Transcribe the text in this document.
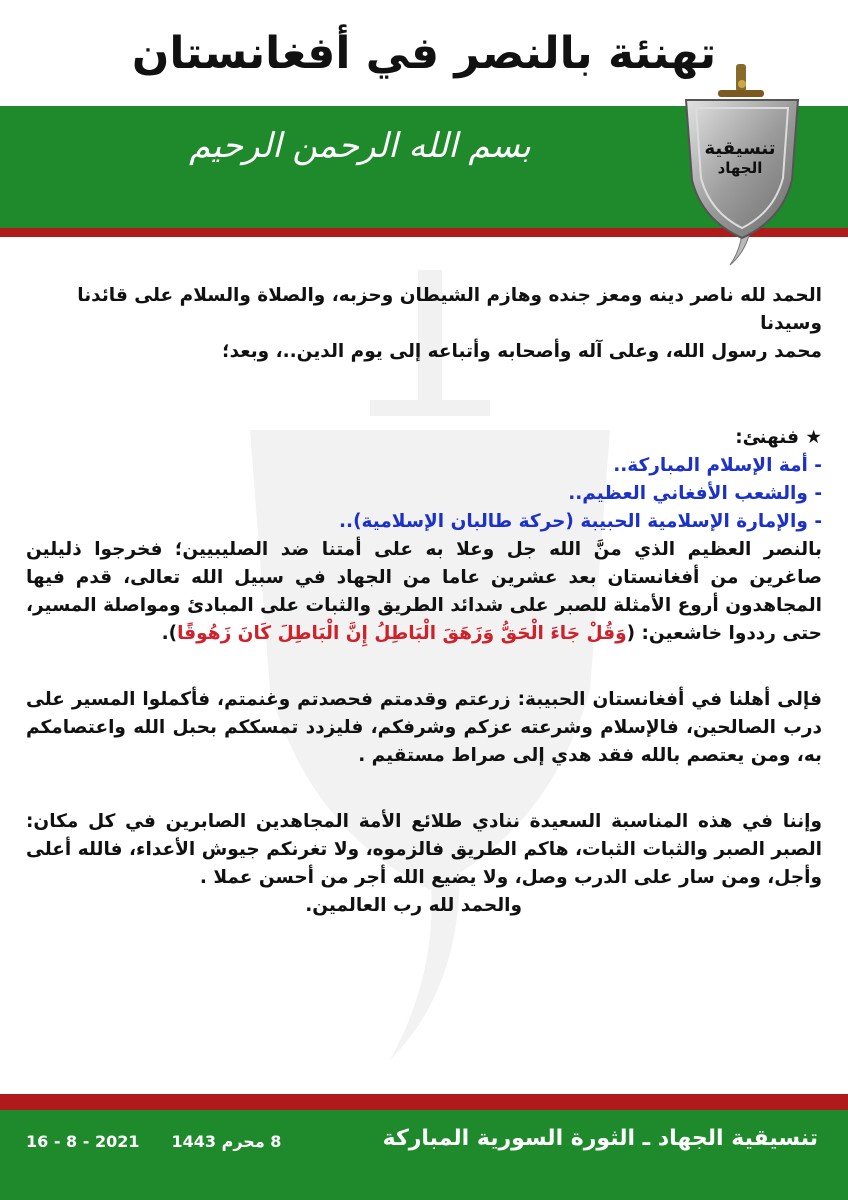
تهنئة بالنصر في أفغانستان
بسم الله الرحمن الرحيم	تنسيقية
الجهاد

الحمد لله ناصر دينه ومعز جنده وهازم الشيطان وحزبه، والصلاة والسلام على قائدنا وسيدنا

محمد رسول الله، وعلى آله وأصحابه وأتباعه إلى يوم الدين..، وبعد؛

★ فنهنئ:

- أمة الإسلام المباركة..

- والشعب الأفغاني العظيم..

- والإمارة الإسلامية الحبيبة (حركة طالبان الإسلامية)..

بالنصر العظيم الذي منَّ الله جل وعلا به على أمتنا ضد الصليبيين؛ فخرجوا ذليلين صاغرين من أفغانستان بعد عشرين عاما من الجهاد في سبيل الله تعالى، قدم فيها المجاهدون أروع الأمثلة للصبر على شدائد الطريق والثبات على المبادئ ومواصلة المسير، حتى رددوا خاشعين: (وَقُلْ جَاءَ الْحَقُّ وَزَهَقَ الْبَاطِلُ إِنَّ الْبَاطِلَ كَانَ زَهُوقًا).

فإلى أهلنا في أفغانستان الحبيبة: زرعتم وقدمتم فحصدتم وغنمتم، فأكملوا المسير على درب الصالحين، فالإسلام وشرعته عزكم وشرفكم، فليزدد تمسككم بحبل الله واعتصامكم به، ومن يعتصم بالله فقد هدي إلى صراط مستقيم .

وإننا في هذه المناسبة السعيدة ننادي طلائع الأمة المجاهدين الصابرين في كل مكان: الصبر الصبر والثبات الثبات، هاكم الطريق فالزموه، ولا تغرنكم جيوش الأعداء، فالله أعلى وأجل، ومن سار على الدرب وصل، ولا يضيع الله أجر من أحسن عملا .

والحمد لله رب العالمين.

تنسيقية الجهاد ـ الثورة السورية المباركة
16 - 8 - 2021 8 محرم 1443
